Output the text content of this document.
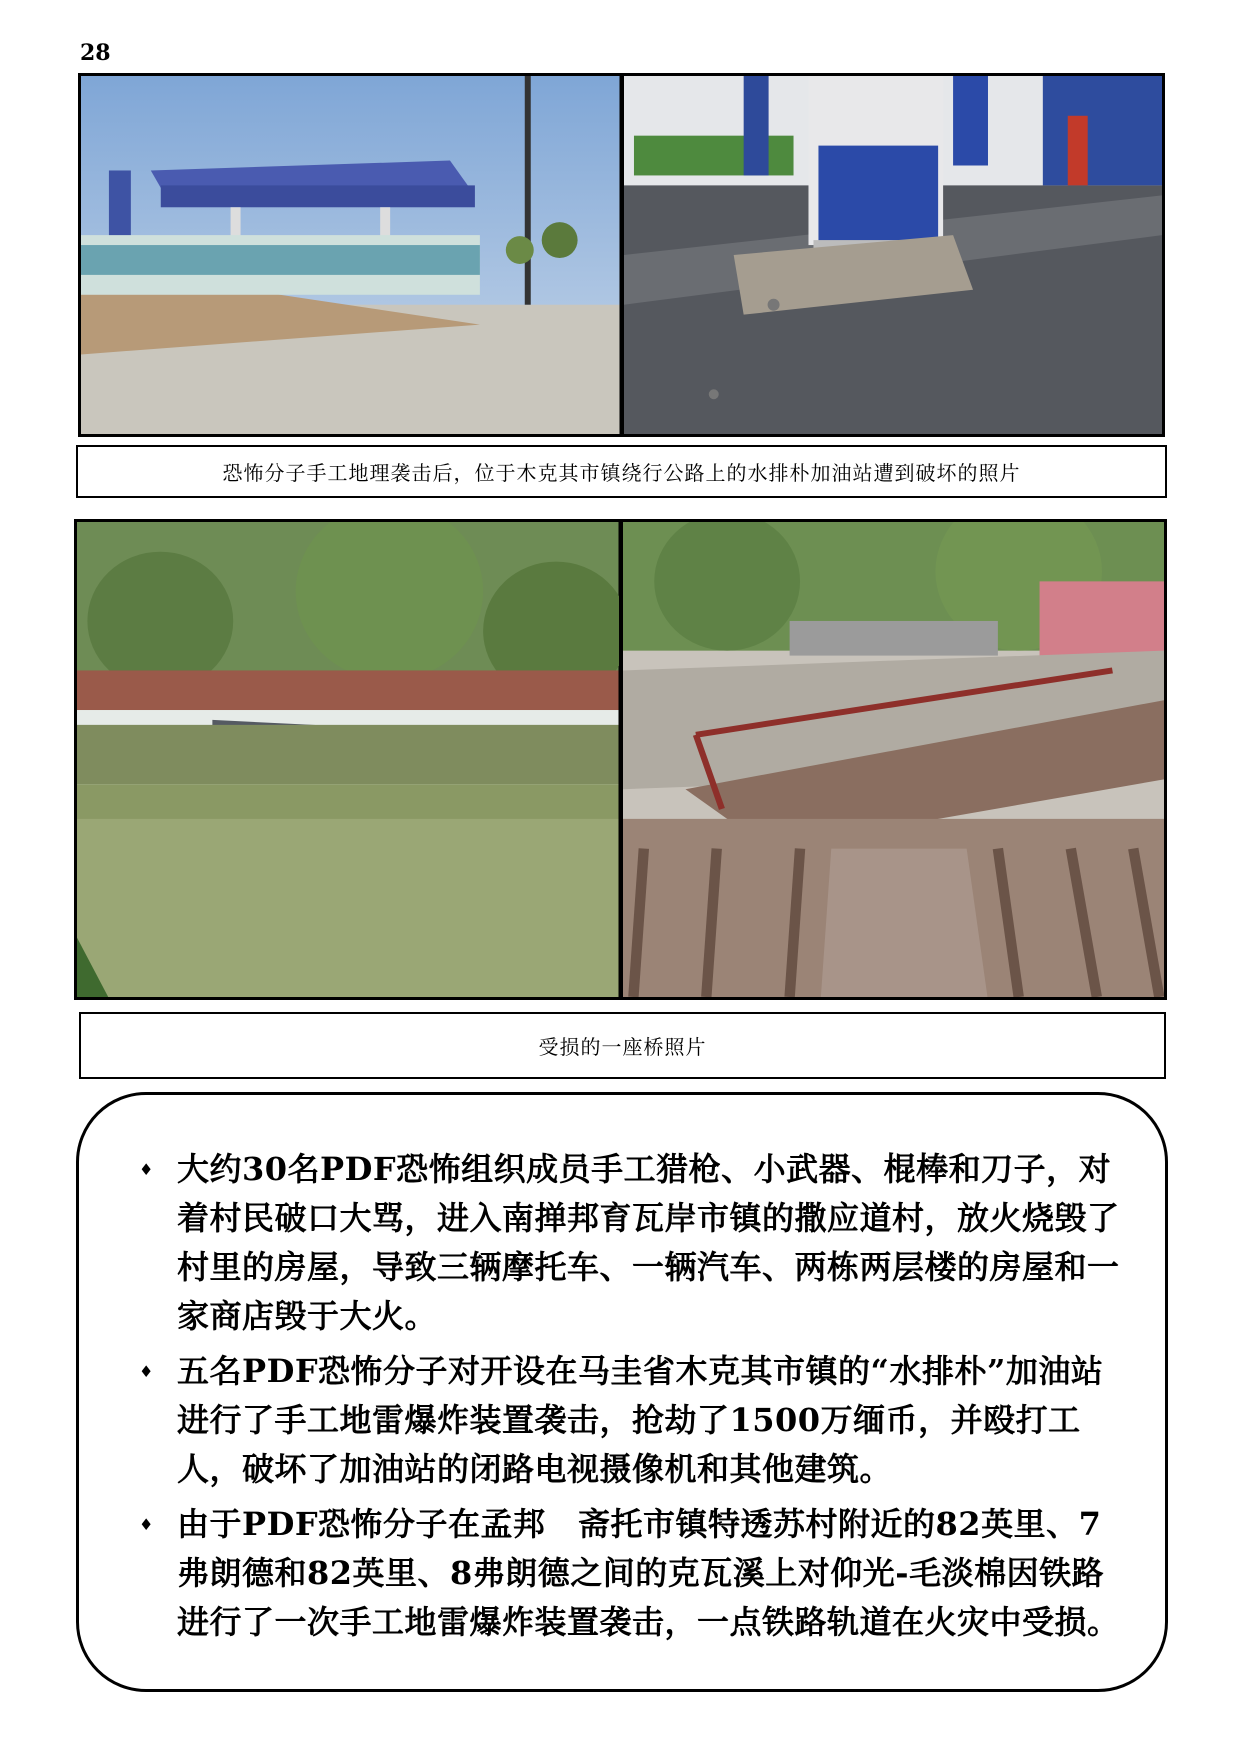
28
恐怖分子手工地理袭击后，位于木克其市镇绕行公路上的水排朴加油站遭到破坏的照片
受损的一座桥照片
♦ 大约30名PDF恐怖组织成员手工猎枪、小武器、棍棒和刀子，对着村民破口大骂，进入南掸邦育瓦岸市镇的撒应道村，放火烧毁了村里的房屋，导致三辆摩托车、一辆汽车、两栋两层楼的房屋和一家商店毁于大火。
♦ 五名PDF恐怖分子对开设在马圭省木克其市镇的“水排朴”加油站进行了手工地雷爆炸装置袭击，抢劫了1500万缅币，并殴打工人，破坏了加油站的闭路电视摄像机和其他建筑。
♦ 由于PDF恐怖分子在孟邦　斋托市镇特透苏村附近的82英里、7弗朗德和82英里、8弗朗德之间的克瓦溪上对仰光-毛淡棉因铁路进行了一次手工地雷爆炸装置袭击，一点铁路轨道在火灾中受损。
